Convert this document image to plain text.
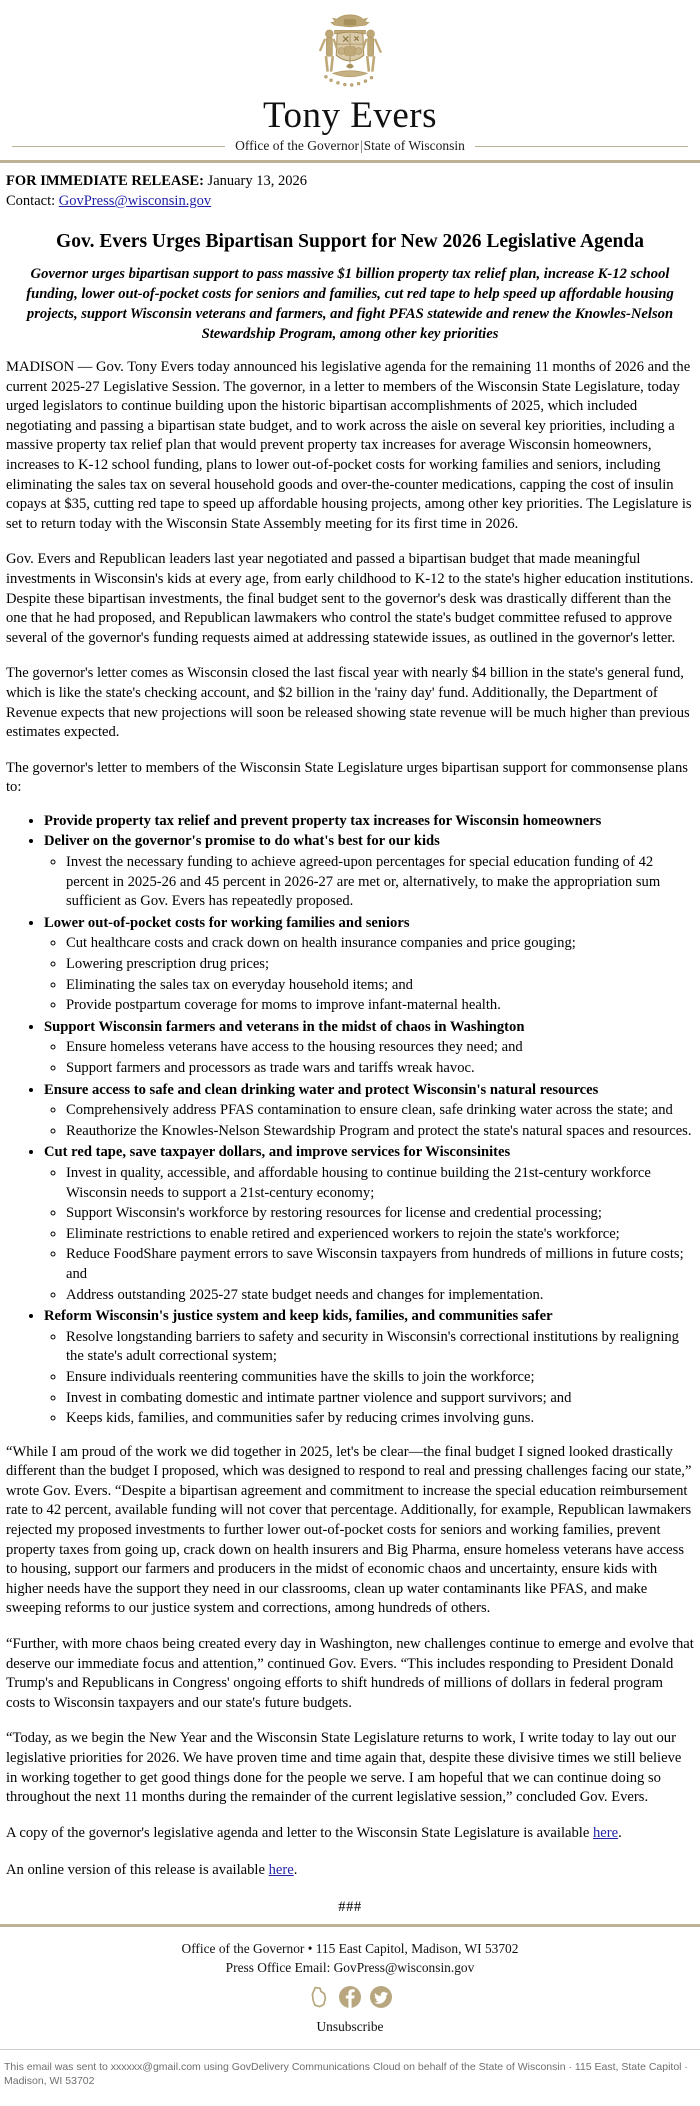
Tony Evers
Office of the Governor|State of Wisconsin
FOR IMMEDIATE RELEASE: January 13, 2026
Contact: GovPress@wisconsin.gov
Gov. Evers Urges Bipartisan Support for New 2026 Legislative Agenda
Governor urges bipartisan support to pass massive $1 billion property tax relief plan, increase K-12 school funding, lower out-of-pocket costs for seniors and families, cut red tape to help speed up affordable housing projects, support Wisconsin veterans and farmers, and fight PFAS statewide and renew the Knowles-Nelson Stewardship Program, among other key priorities

MADISON — Gov. Tony Evers today announced his legislative agenda for the remaining 11 months of 2026 and the current 2025-27 Legislative Session. The governor, in a letter to members of the Wisconsin State Legislature, today urged legislators to continue building upon the historic bipartisan accomplishments of 2025, which included negotiating and passing a bipartisan state budget, and to work across the aisle on several key priorities, including a massive property tax relief plan that would prevent property tax increases for average Wisconsin homeowners, increases to K-12 school funding, plans to lower out-of-pocket costs for working families and seniors, including eliminating the sales tax on several household goods and over-the-counter medications, capping the cost of insulin copays at $35, cutting red tape to speed up affordable housing projects, among other key priorities. The Legislature is set to return today with the Wisconsin State Assembly meeting for its first time in 2026.

Gov. Evers and Republican leaders last year negotiated and passed a bipartisan budget that made meaningful investments in Wisconsin's kids at every age, from early childhood to K-12 to the state's higher education institutions. Despite these bipartisan investments, the final budget sent to the governor's desk was drastically different than the one that he had proposed, and Republican lawmakers who control the state's budget committee refused to approve several of the governor's funding requests aimed at addressing statewide issues, as outlined in the governor's letter.

The governor's letter comes as Wisconsin closed the last fiscal year with nearly $4 billion in the state's general fund, which is like the state's checking account, and $2 billion in the 'rainy day' fund. Additionally, the Department of Revenue expects that new projections will soon be released showing state revenue will be much higher than previous estimates expected.

The governor's letter to members of the Wisconsin State Legislature urges bipartisan support for commonsense plans to:

• Provide property tax relief and prevent property tax increases for Wisconsin homeowners
• Deliver on the governor's promise to do what's best for our kids
◦ Invest the necessary funding to achieve agreed-upon percentages for special education funding of 42 percent in 2025-26 and 45 percent in 2026-27 are met or, alternatively, to make the appropriation sum sufficient as Gov. Evers has repeatedly proposed.
• Lower out-of-pocket costs for working families and seniors
◦ Cut healthcare costs and crack down on health insurance companies and price gouging;
◦ Lowering prescription drug prices;
◦ Eliminating the sales tax on everyday household items; and
◦ Provide postpartum coverage for moms to improve infant-maternal health.
• Support Wisconsin farmers and veterans in the midst of chaos in Washington
◦ Ensure homeless veterans have access to the housing resources they need; and
◦ Support farmers and processors as trade wars and tariffs wreak havoc.
• Ensure access to safe and clean drinking water and protect Wisconsin's natural resources
◦ Comprehensively address PFAS contamination to ensure clean, safe drinking water across the state; and
◦ Reauthorize the Knowles-Nelson Stewardship Program and protect the state's natural spaces and resources.
• Cut red tape, save taxpayer dollars, and improve services for Wisconsinites
◦ Invest in quality, accessible, and affordable housing to continue building the 21st-century workforce Wisconsin needs to support a 21st-century economy;
◦ Support Wisconsin's workforce by restoring resources for license and credential processing;
◦ Eliminate restrictions to enable retired and experienced workers to rejoin the state's workforce;
◦ Reduce FoodShare payment errors to save Wisconsin taxpayers from hundreds of millions in future costs; and
◦ Address outstanding 2025-27 state budget needs and changes for implementation.
• Reform Wisconsin's justice system and keep kids, families, and communities safer
◦ Resolve longstanding barriers to safety and security in Wisconsin's correctional institutions by realigning the state's adult correctional system;
◦ Ensure individuals reentering communities have the skills to join the workforce;
◦ Invest in combating domestic and intimate partner violence and support survivors; and
◦ Keeps kids, families, and communities safer by reducing crimes involving guns.

“While I am proud of the work we did together in 2025, let's be clear—the final budget I signed looked drastically different than the budget I proposed, which was designed to respond to real and pressing challenges facing our state,” wrote Gov. Evers. “Despite a bipartisan agreement and commitment to increase the special education reimbursement rate to 42 percent, available funding will not cover that percentage. Additionally, for example, Republican lawmakers rejected my proposed investments to further lower out-of-pocket costs for seniors and working families, prevent property taxes from going up, crack down on health insurers and Big Pharma, ensure homeless veterans have access to housing, support our farmers and producers in the midst of economic chaos and uncertainty, ensure kids with higher needs have the support they need in our classrooms, clean up water contaminants like PFAS, and make sweeping reforms to our justice system and corrections, among hundreds of others.

“Further, with more chaos being created every day in Washington, new challenges continue to emerge and evolve that deserve our immediate focus and attention,” continued Gov. Evers. “This includes responding to President Donald Trump's and Republicans in Congress' ongoing efforts to shift hundreds of millions of dollars in federal program costs to Wisconsin taxpayers and our state's future budgets.

“Today, as we begin the New Year and the Wisconsin State Legislature returns to work, I write today to lay out our legislative priorities for 2026. We have proven time and time again that, despite these divisive times we still believe in working together to get good things done for the people we serve. I am hopeful that we can continue doing so throughout the next 11 months during the remainder of the current legislative session,” concluded Gov. Evers.

A copy of the governor's legislative agenda and letter to the Wisconsin State Legislature is available here.

An online version of this release is available here.

###
Office of the Governor • 115 East Capitol, Madison, WI 53702
Press Office Email: GovPress@wisconsin.gov
Unsubscribe
This email was sent to xxxxxx@gmail.com using GovDelivery Communications Cloud on behalf of the State of Wisconsin · 115 East, State Capitol · Madison, WI 53702
